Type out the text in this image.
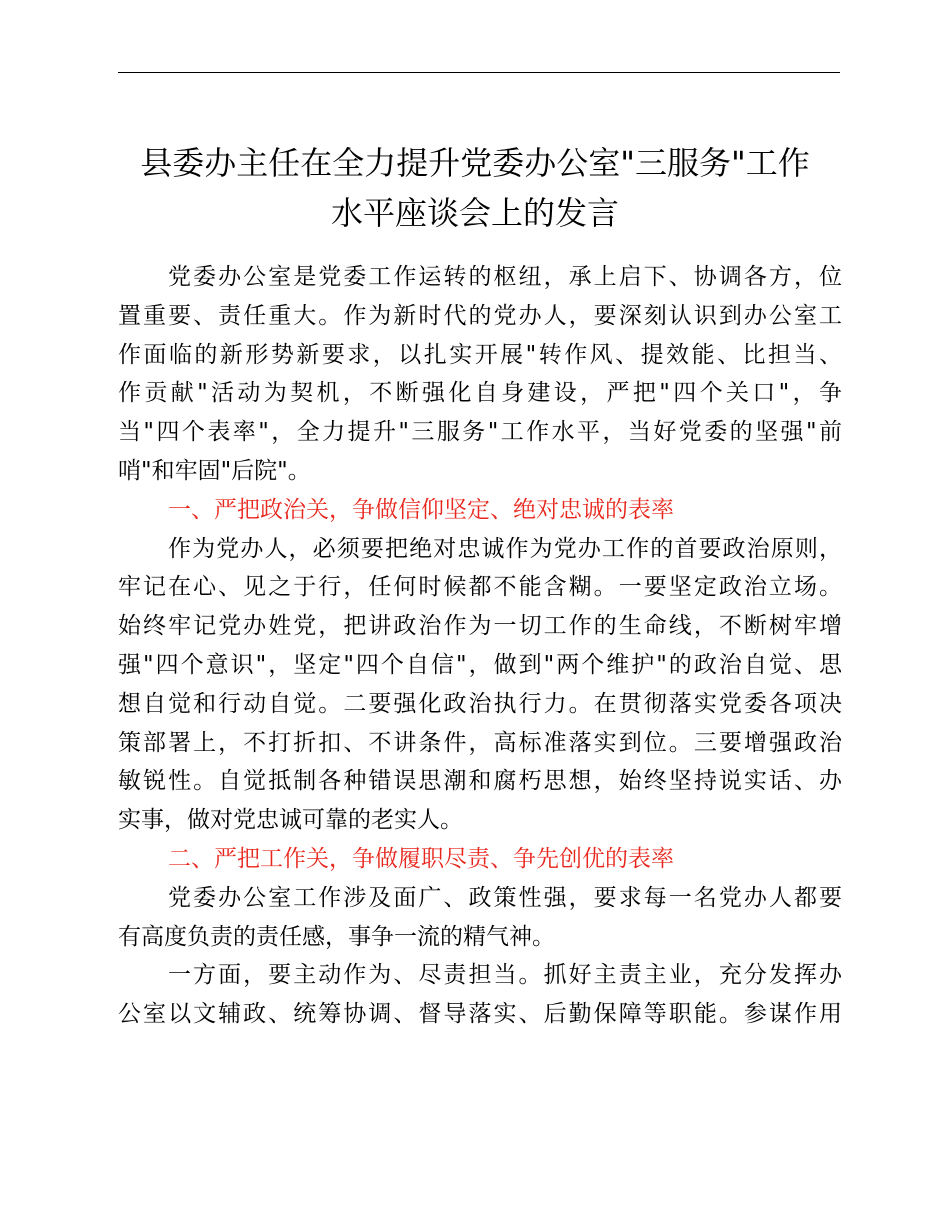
县委办主任在全力提升党委办公室"三服务"工作
水平座谈会上的发言
党委办公室是党委工作运转的枢纽，承上启下、协调各方，位
置重要、责任重大。作为新时代的党办人，要深刻认识到办公室工
作面临的新形势新要求，以扎实开展"转作风、提效能、比担当、
作贡献"活动为契机，不断强化自身建设，严把"四个关口"，争
当"四个表率"，全力提升"三服务"工作水平，当好党委的坚强"前
哨"和牢固"后院"。
一、严把政治关，争做信仰坚定、绝对忠诚的表率
作为党办人，必须要把绝对忠诚作为党办工作的首要政治原则，
牢记在心、见之于行，任何时候都不能含糊。一要坚定政治立场。
始终牢记党办姓党，把讲政治作为一切工作的生命线，不断树牢增
强"四个意识"，坚定"四个自信"，做到"两个维护"的政治自觉、思
想自觉和行动自觉。二要强化政治执行力。在贯彻落实党委各项决
策部署上，不打折扣、不讲条件，高标准落实到位。三要增强政治
敏锐性。自觉抵制各种错误思潮和腐朽思想，始终坚持说实话、办
实事，做对党忠诚可靠的老实人。
二、严把工作关，争做履职尽责、争先创优的表率
党委办公室工作涉及面广、政策性强，要求每一名党办人都要
有高度负责的责任感，事争一流的精气神。
一方面，要主动作为、尽责担当。抓好主责主业，充分发挥办
公室以文辅政、统筹协调、督导落实、后勤保障等职能。参谋作用
